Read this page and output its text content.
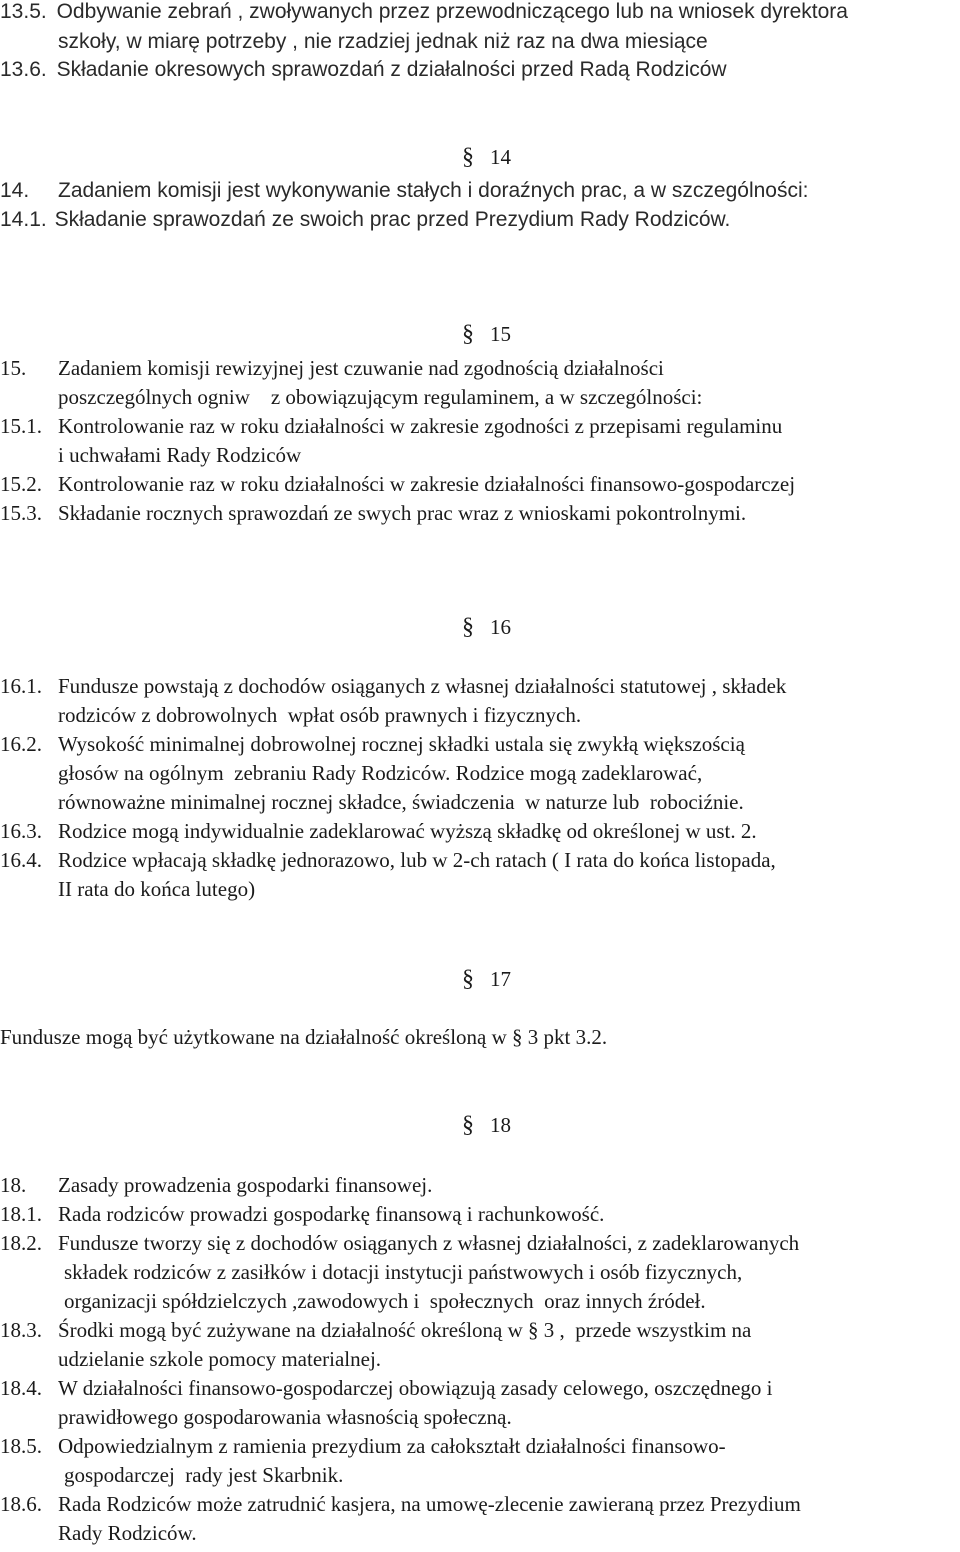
13.5. Odbywanie zebrań , zwoływanych przez przewodniczącego lub na wniosek dyrektora
szkoły, w miarę potrzeby , nie rzadziej jednak niż raz na dwa miesiące
13.6. Składanie okresowych sprawozdań z działalności przed Radą Rodziców
§ 14
14. Zadaniem komisji jest wykonywanie stałych i doraźnych prac, a w szczególności:
14.1. Składanie sprawozdań ze swoich prac przed Prezydium Rady Rodziców.
§ 15
15. Zadaniem komisji rewizyjnej jest czuwanie nad zgodnością działalności
poszczególnych ogniw    z obowiązującym regulaminem, a w szczególności:
15.1. Kontrolowanie raz w roku działalności w zakresie zgodności z przepisami regulaminu
i uchwałami Rady Rodziców
15.2. Kontrolowanie raz w roku działalności w zakresie działalności finansowo-gospodarczej
15.3. Składanie rocznych sprawozdań ze swych prac wraz z wnioskami pokontrolnymi.
§ 16
16.1. Fundusze powstają z dochodów osiąganych z własnej działalności statutowej , składek
rodziców z dobrowolnych  wpłat osób prawnych i fizycznych.
16.2. Wysokość minimalnej dobrowolnej rocznej składki ustala się zwykłą większością
głosów na ogólnym  zebraniu Rady Rodziców. Rodzice mogą zadeklarować,
równoważne minimalnej rocznej składce, świadczenia  w naturze lub  robociźnie.
16.3. Rodzice mogą indywidualnie zadeklarować wyższą składkę od określonej w ust. 2.
16.4. Rodzice wpłacają składkę jednorazowo, lub w 2-ch ratach ( I rata do końca listopada,
II rata do końca lutego)
§ 17
Fundusze mogą być użytkowane na działalność określoną w § 3 pkt 3.2.
§ 18
18. Zasady prowadzenia gospodarki finansowej.
18.1. Rada rodziców prowadzi gospodarkę finansową i rachunkowość.
18.2. Fundusze tworzy się z dochodów osiąganych z własnej działalności, z zadeklarowanych
składek rodziców z zasiłków i dotacji instytucji państwowych i osób fizycznych,
organizacji spółdzielczych ,zawodowych i  społecznych  oraz innych źródeł.
18.3. Środki mogą być zużywane na działalność określoną w § 3 ,  przede wszystkim na
udzielanie szkole pomocy materialnej.
18.4. W działalności finansowo-gospodarczej obowiązują zasady celowego, oszczędnego i
prawidłowego gospodarowania własnością społeczną.
18.5. Odpowiedzialnym z ramienia prezydium za całokształt działalności finansowo-
gospodarczej  rady jest Skarbnik.
18.6. Rada Rodziców może zatrudnić kasjera, na umowę-zlecenie zawieraną przez Prezydium
Rady Rodziców.
